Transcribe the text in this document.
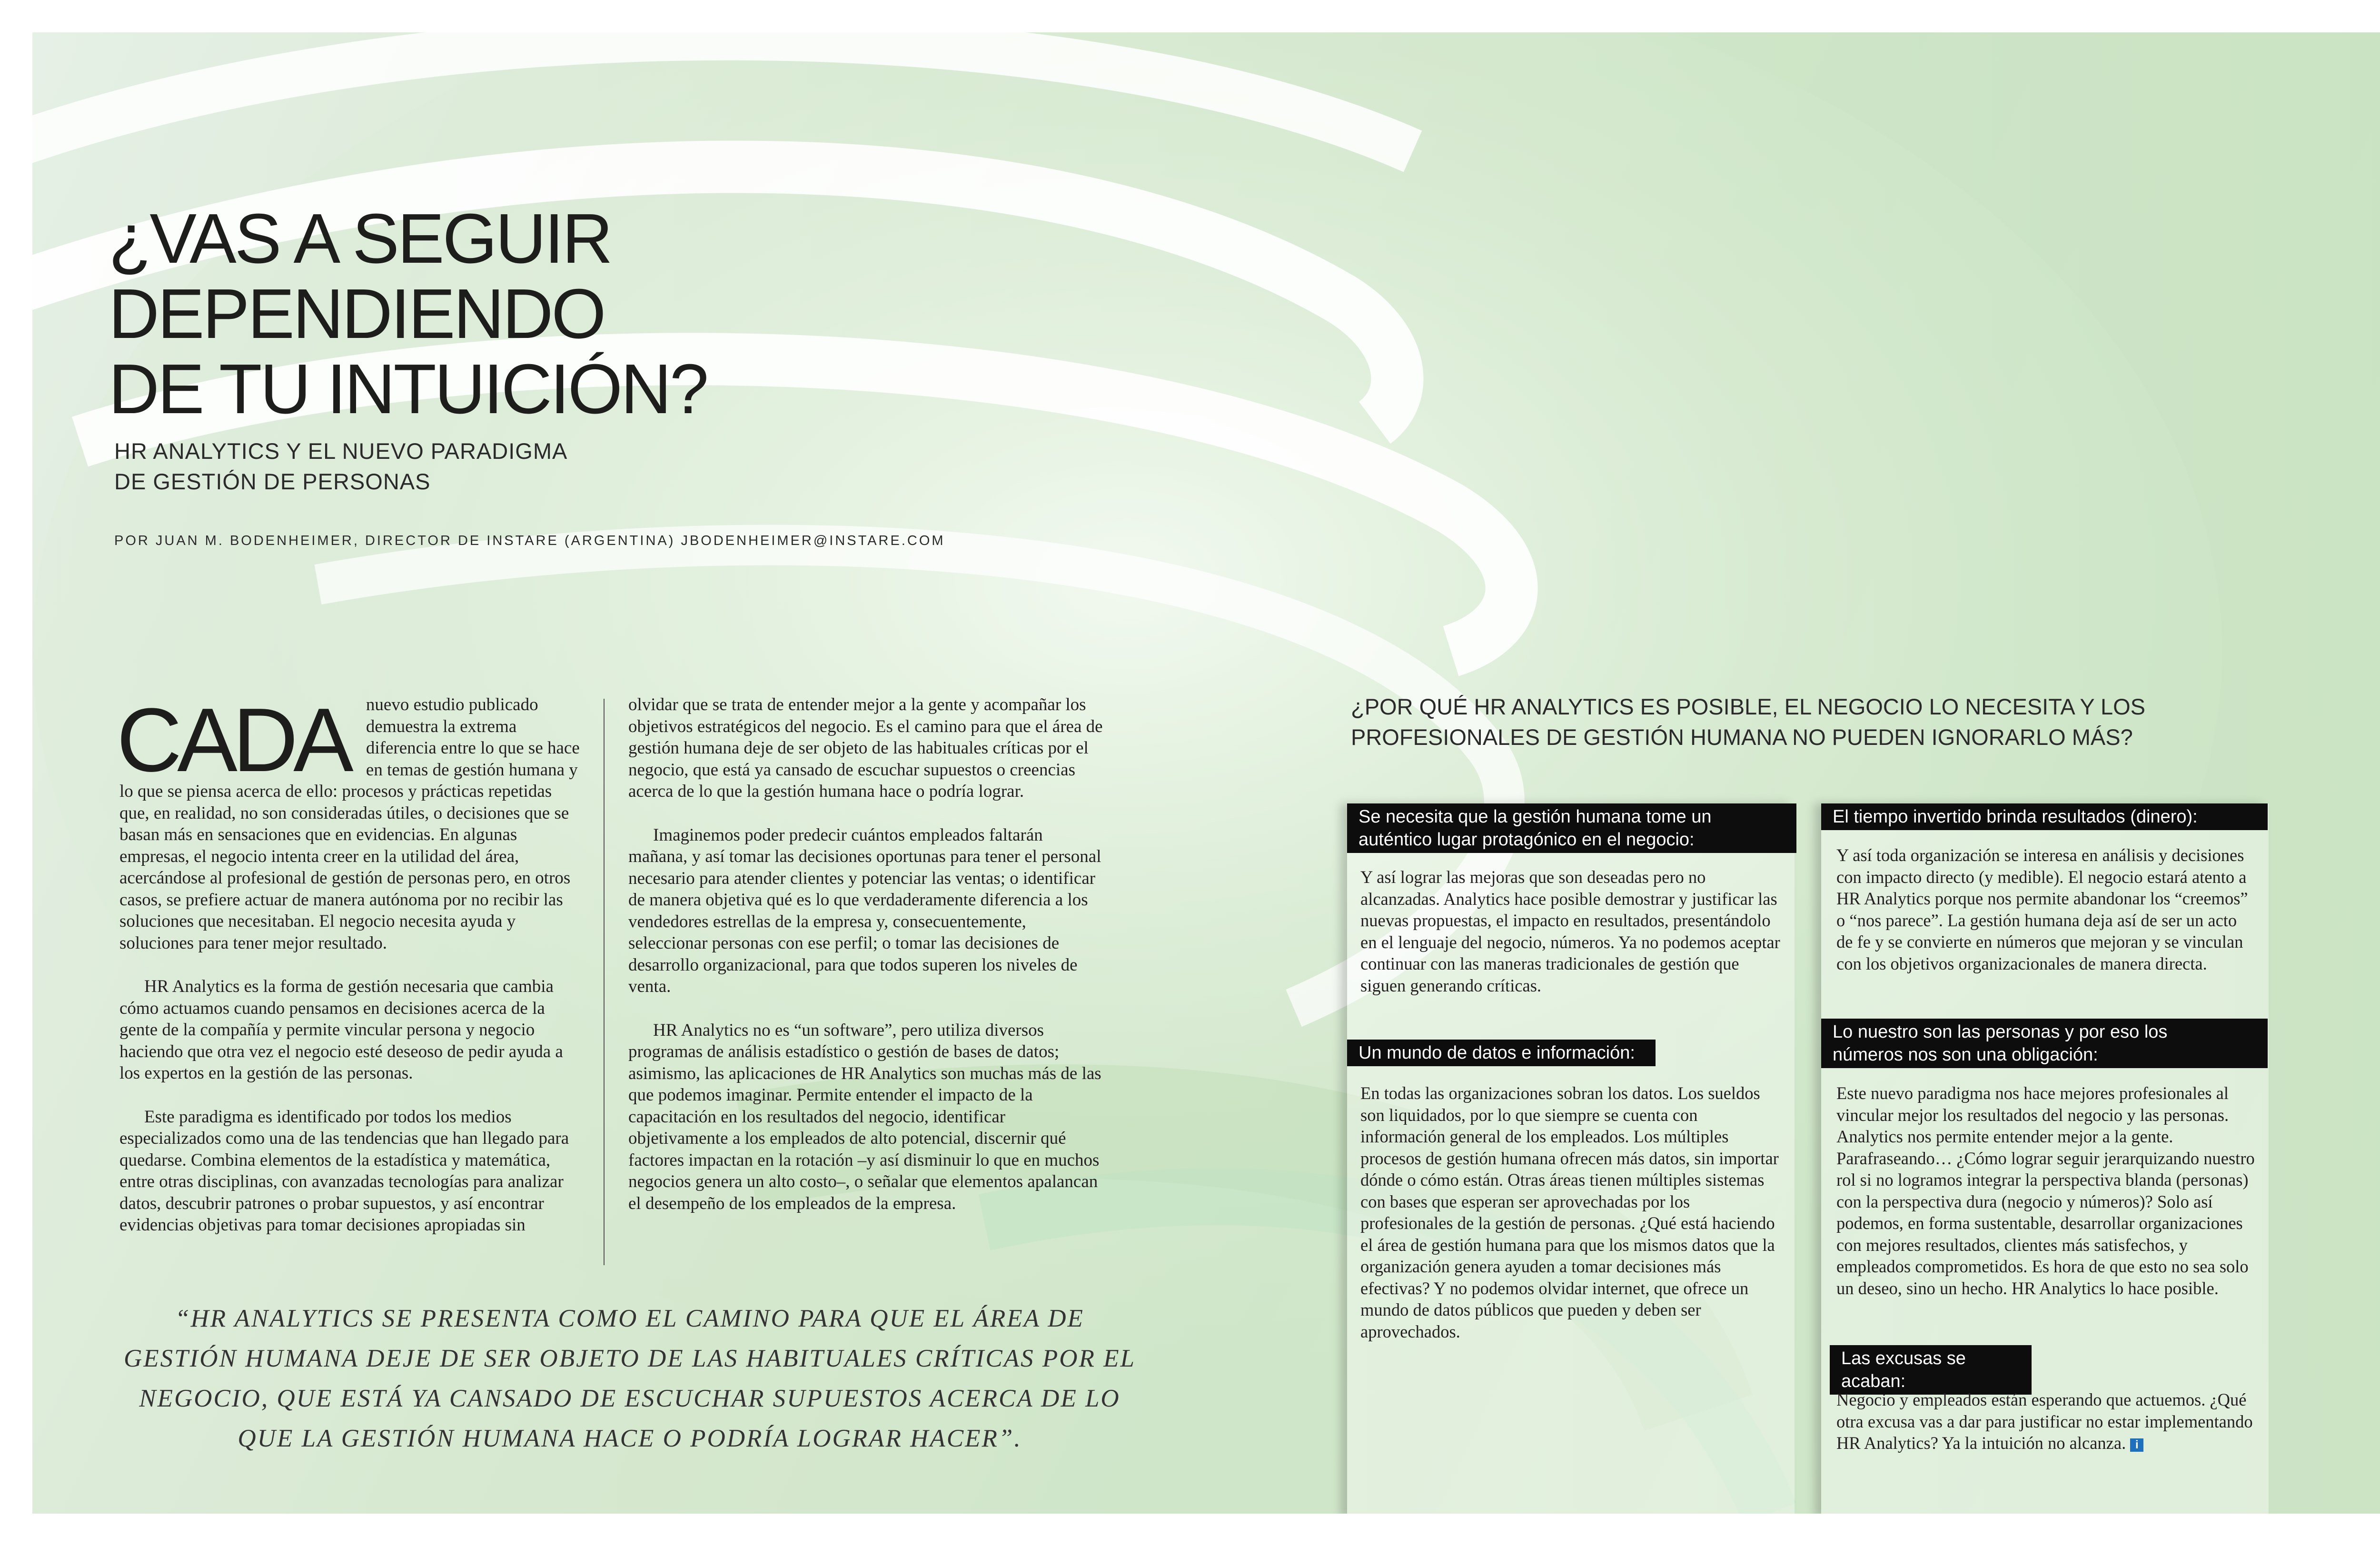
¿VAS A SEGUIR
DEPENDIENDO
DE TU INTUICIÓN?
HR ANALYTICS Y EL NUEVO PARADIGMA
DE GESTIÓN DE PERSONAS
POR JUAN M. BODENHEIMER, DIRECTOR DE INSTARE (ARGENTINA) JBODENHEIMER@INSTARE.COM

CADA nuevo estudio publicado demuestra la extrema diferencia entre lo que se hace en temas de gestión humana y lo que se piensa acerca de ello: procesos y prácticas repetidas que, en realidad, no son consideradas útiles, o decisiones que se basan más en sensaciones que en evidencias. En algunas empresas, el negocio intenta creer en la utilidad del área, acercándose al profesional de gestión de personas pero, en otros casos, se prefiere actuar de manera autónoma por no recibir las soluciones que necesitaban. El negocio necesita ayuda y soluciones para tener mejor resultado.

HR Analytics es la forma de gestión necesaria que cambia cómo actuamos cuando pensamos en decisiones acerca de la gente de la compañía y permite vincular persona y negocio haciendo que otra vez el negocio esté deseoso de pedir ayuda a los expertos en la gestión de las personas.

Este paradigma es identificado por todos los medios especializados como una de las tendencias que han llegado para quedarse. Combina elementos de la estadística y matemática, entre otras disciplinas, con avanzadas tecnologías para analizar datos, descubrir patrones o probar supuestos, y así encontrar evidencias objetivas para tomar decisiones apropiadas sin

olvidar que se trata de entender mejor a la gente y acompañar los objetivos estratégicos del negocio. Es el camino para que el área de gestión humana deje de ser objeto de las habituales críticas por el negocio, que está ya cansado de escuchar supuestos o creencias acerca de lo que la gestión humana hace o podría lograr.

Imaginemos poder predecir cuántos empleados faltarán mañana, y así tomar las decisiones oportunas para tener el personal necesario para atender clientes y potenciar las ventas; o identificar de manera objetiva qué es lo que verdaderamente diferencia a los vendedores estrellas de la empresa y, consecuentemente, seleccionar personas con ese perfil; o tomar las decisiones de desarrollo organizacional, para que todos superen los niveles de venta.

HR Analytics no es “un software”, pero utiliza diversos programas de análisis estadístico o gestión de bases de datos; asimismo, las aplicaciones de HR Analytics son muchas más de las que podemos imaginar. Permite entender el impacto de la capacitación en los resultados del negocio, identificar objetivamente a los empleados de alto potencial, discernir qué factores impactan en la rotación –y así disminuir lo que en muchos negocios genera un alto costo–, o señalar que elementos apalancan el desempeño de los empleados de la empresa.

“HR ANALYTICS SE PRESENTA COMO EL CAMINO PARA QUE EL ÁREA DE GESTIÓN HUMANA DEJE DE SER OBJETO DE LAS HABITUALES CRÍTICAS POR EL NEGOCIO, QUE ESTÁ YA CANSADO DE ESCUCHAR SUPUESTOS ACERCA DE LO QUE LA GESTIÓN HUMANA HACE O PODRÍA LOGRAR HACER”.
¿POR QUÉ HR ANALYTICS ES POSIBLE, EL NEGOCIO LO NECESITA Y LOS
PROFESIONALES DE GESTIÓN HUMANA NO PUEDEN IGNORARLO MÁS?
Se necesita que la gestión humana tome un
auténtico lugar protagónico en el negocio:
Y así lograr las mejoras que son deseadas pero no alcanzadas. Analytics hace posible demostrar y justificar las nuevas propuestas, el impacto en resultados, presentándolo en el lenguaje del negocio, números. Ya no podemos aceptar continuar con las maneras tradicionales de gestión que siguen generando críticas.
Un mundo de datos e información:
En todas las organizaciones sobran los datos. Los sueldos son liquidados, por lo que siempre se cuenta con información general de los empleados. Los múltiples procesos de gestión humana ofrecen más datos, sin importar dónde o cómo están. Otras áreas tienen múltiples sistemas con bases que esperan ser aprovechadas por los profesionales de la gestión de personas. ¿Qué está haciendo el área de gestión humana para que los mismos datos que la organización genera ayuden a tomar decisiones más efectivas? Y no podemos olvidar internet, que ofrece un mundo de datos públicos que pueden y deben ser aprovechados.
El tiempo invertido brinda resultados (dinero):
Y así toda organización se interesa en análisis y decisiones con impacto directo (y medible). El negocio estará atento a HR Analytics porque nos permite abandonar los “creemos” o “nos parece”. La gestión humana deja así de ser un acto de fe y se convierte en números que mejoran y se vinculan con los objetivos organizacionales de manera directa.
Lo nuestro son las personas y por eso los
números nos son una obligación:
Este nuevo paradigma nos hace mejores profesionales al vincular mejor los resultados del negocio y las personas. Analytics nos permite entender mejor a la gente. Parafraseando… ¿Cómo lograr seguir jerarquizando nuestro rol si no logramos integrar la perspectiva blanda (personas) con la perspectiva dura (negocio y números)? Solo así podemos, en forma sustentable, desarrollar organizaciones con mejores resultados, clientes más satisfechos, y empleados comprometidos. Es hora de que esto no sea solo un deseo, sino un hecho. HR Analytics lo hace posible.
Las excusas se acaban:
Negocio y empleados están esperando que actuemos. ¿Qué otra excusa vas a dar para justificar no estar implementando HR Analytics? Ya la intuición no alcanza. i
